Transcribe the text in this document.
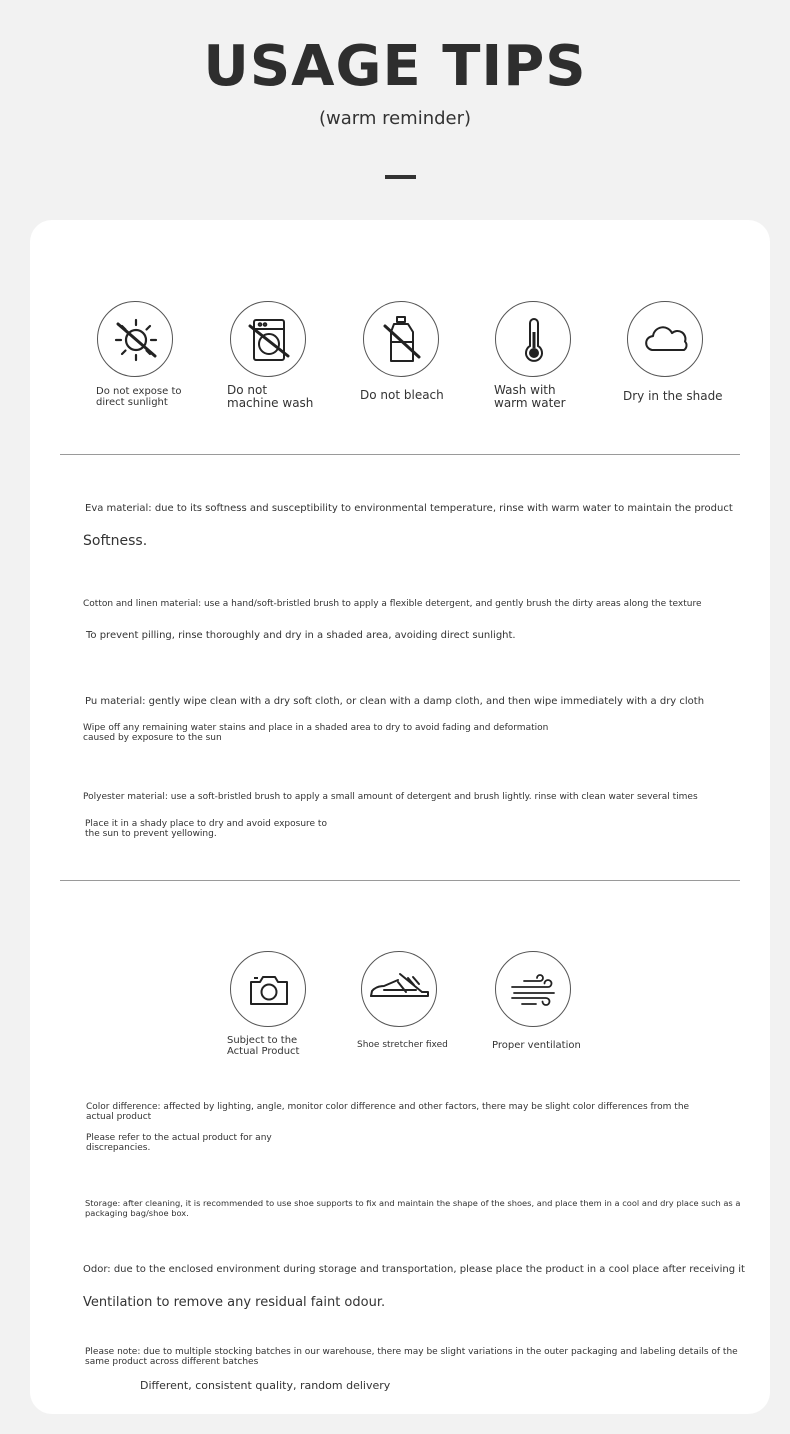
USAGE TIPS
(warm reminder)
Do not expose to direct sunlight
Do not machine wash
Do not bleach	Wash with warm water	Dry in the shade
Eva material: due to its softness and susceptibility to environmental temperature, rinse with warm water to maintain the product
Softness.
Cotton and linen material: use a hand/soft-bristled brush to apply a flexible detergent, and gently brush the dirty areas along the texture
To prevent pilling, rinse thoroughly and dry in a shaded area, avoiding direct sunlight.
Pu material: gently wipe clean with a dry soft cloth, or clean with a damp cloth, and then wipe immediately with a dry cloth
Wipe off any remaining water stains and place in a shaded area to dry to avoid fading and deformation caused by exposure to the sun
Polyester material: use a soft-bristled brush to apply a small amount of detergent and brush lightly. rinse with clean water several times
Place it in a shady place to dry and avoid exposure to the sun to prevent yellowing.
Subject to the Actual Product
Shoe stretcher fixed	Proper ventilation
Color difference: affected by lighting, angle, monitor color difference and other factors, there may be slight color differences from the actual product
Please refer to the actual product for any discrepancies.
Storage: after cleaning, it is recommended to use shoe supports to fix and maintain the shape of the shoes, and place them in a cool and dry place such as a packaging bag/shoe box.
Odor: due to the enclosed environment during storage and transportation, please place the product in a cool place after receiving it
Ventilation to remove any residual faint odour.
Please note: due to multiple stocking batches in our warehouse, there may be slight variations in the outer packaging and labeling details of the same product across different batches
Different, consistent quality, random delivery
